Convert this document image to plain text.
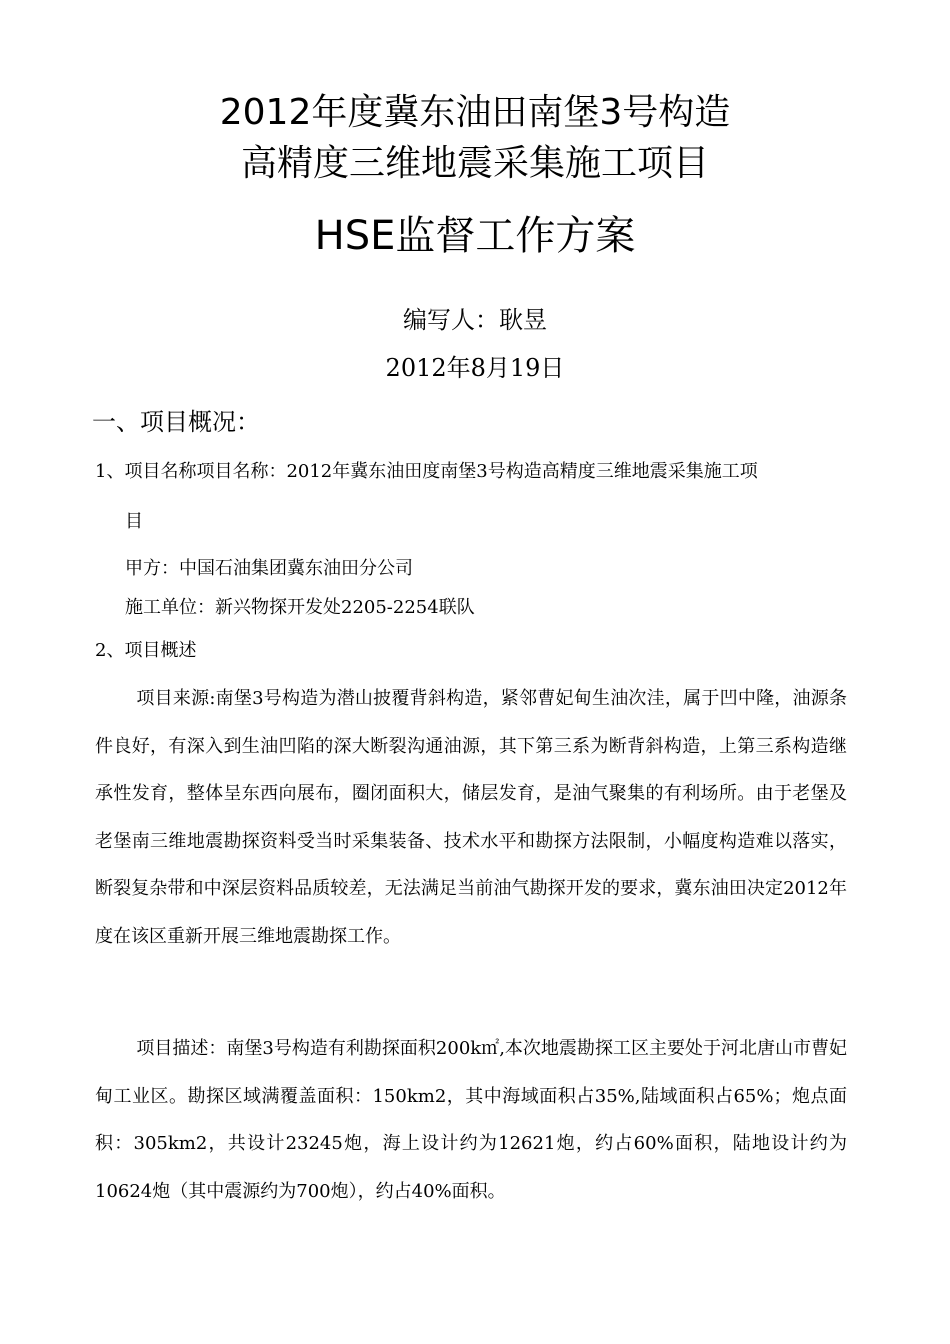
2012年度冀东油田南堡3号构造
高精度三维地震采集施工项目
HSE监督工作方案
编写人：耿昱
2012年8月19日
一、项目概况：
1、项目名称项目名称：2012年冀东油田度南堡3号构造高精度三维地震采集施工项
目
甲方：中国石油集团冀东油田分公司
施工单位：新兴物探开发处2205-2254联队
2、项目概述

项目来源:南堡3号构造为潜山披覆背斜构造，紧邻曹妃甸生油次洼，属于凹中隆，油源条件良好，有深入到生油凹陷的深大断裂沟通油源，其下第三系为断背斜构造，上第三系构造继承性发育，整体呈东西向展布，圈闭面积大，储层发育，是油气聚集的有利场所。由于老堡及老堡南三维地震勘探资料受当时采集装备、技术水平和勘探方法限制，小幅度构造难以落实，断裂复杂带和中深层资料品质较差，无法满足当前油气勘探开发的要求，冀东油田决定2012年度在该区重新开展三维地震勘探工作。

项目描述：南堡3号构造有利勘探面积200k㎡,本次地震勘探工区主要处于河北唐山市曹妃甸工业区。勘探区域满覆盖面积：150km2，其中海域面积占35%,陆域面积占65%；炮点面积：305km2，共设计23245炮，海上设计约为12621炮，约占60%面积，陆地设计约为10624炮（其中震源约为700炮），约占40%面积。
